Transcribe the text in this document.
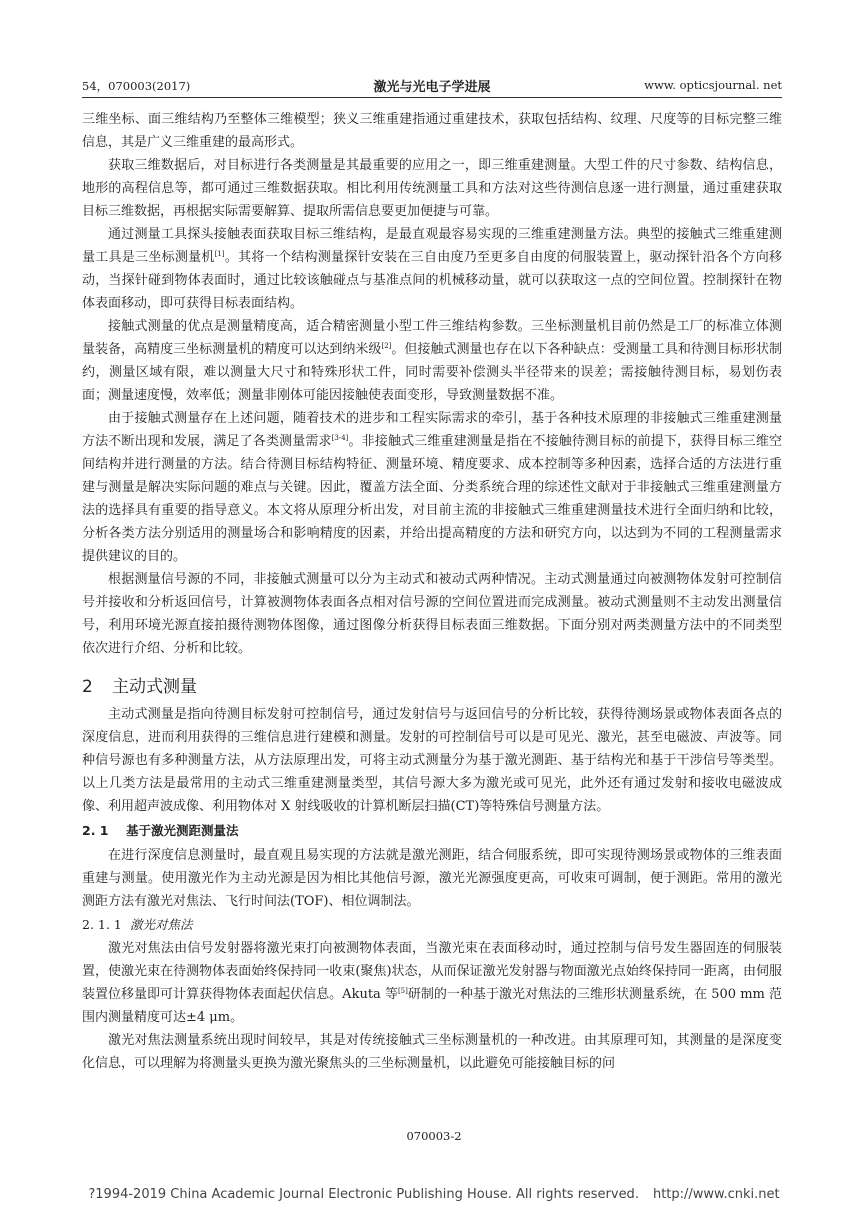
54，070003(2017)	激光与光电子学进展	www. opticsjournal. net

三维坐标、面三维结构乃至整体三维模型；狭义三维重建指通过重建技术，获取包括结构、纹理、尺度等的目标完整三维信息，其是广义三维重建的最高形式。

获取三维数据后，对目标进行各类测量是其最重要的应用之一，即三维重建测量。大型工件的尺寸参数、结构信息，地形的高程信息等，都可通过三维数据获取。相比利用传统测量工具和方法对这些待测信息逐一进行测量，通过重建获取目标三维数据，再根据实际需要解算、提取所需信息要更加便捷与可靠。

通过测量工具探头接触表面获取目标三维结构，是最直观最容易实现的三维重建测量方法。典型的接触式三维重建测量工具是三坐标测量机[1]。其将一个结构测量探针安装在三自由度乃至更多自由度的伺服装置上，驱动探针沿各个方向移动，当探针碰到物体表面时，通过比较该触碰点与基准点间的机械移动量，就可以获取这一点的空间位置。控制探针在物体表面移动，即可获得目标表面结构。

接触式测量的优点是测量精度高，适合精密测量小型工件三维结构参数。三坐标测量机目前仍然是工厂的标准立体测量装备，高精度三坐标测量机的精度可以达到纳米级[2]。但接触式测量也存在以下各种缺点：受测量工具和待测目标形状制约，测量区域有限，难以测量大尺寸和特殊形状工件，同时需要补偿测头半径带来的误差；需接触待测目标，易划伤表面；测量速度慢，效率低；测量非刚体可能因接触使表面变形，导致测量数据不准。

由于接触式测量存在上述问题，随着技术的进步和工程实际需求的牵引，基于各种技术原理的非接触式三维重建测量方法不断出现和发展，满足了各类测量需求[3-4]。非接触式三维重建测量是指在不接触待测目标的前提下，获得目标三维空间结构并进行测量的方法。结合待测目标结构特征、测量环境、精度要求、成本控制等多种因素，选择合适的方法进行重建与测量是解决实际问题的难点与关键。因此，覆盖方法全面、分类系统合理的综述性文献对于非接触式三维重建测量方法的选择具有重要的指导意义。本文将从原理分析出发，对目前主流的非接触式三维重建测量技术进行全面归纳和比较，分析各类方法分别适用的测量场合和影响精度的因素，并给出提高精度的方法和研究方向，以达到为不同的工程测量需求提供建议的目的。

根据测量信号源的不同，非接触式测量可以分为主动式和被动式两种情况。主动式测量通过向被测物体发射可控制信号并接收和分析返回信号，计算被测物体表面各点相对信号源的空间位置进而完成测量。被动式测量则不主动发出测量信号，利用环境光源直接拍摄待测物体图像，通过图像分析获得目标表面三维数据。下面分别对两类测量方法中的不同类型依次进行介绍、分析和比较。

2 主动式测量

主动式测量是指向待测目标发射可控制信号，通过发射信号与返回信号的分析比较，获得待测场景或物体表面各点的深度信息，进而利用获得的三维信息进行建模和测量。发射的可控制信号可以是可见光、激光，甚至电磁波、声波等。同种信号源也有多种测量方法，从方法原理出发，可将主动式测量分为基于激光测距、基于结构光和基于干涉信号等类型。以上几类方法是最常用的主动式三维重建测量类型，其信号源大多为激光或可见光，此外还有通过发射和接收电磁波成像、利用超声波成像、利用物体对 X 射线吸收的计算机断层扫描(CT)等特殊信号测量方法。

2. 1 基于激光测距测量法

在进行深度信息测量时，最直观且易实现的方法就是激光测距，结合伺服系统，即可实现待测场景或物体的三维表面重建与测量。使用激光作为主动光源是因为相比其他信号源，激光光源强度更高，可收束可调制，便于测距。常用的激光测距方法有激光对焦法、飞行时间法(TOF)、相位调制法。

2. 1. 1 激光对焦法

激光对焦法由信号发射器将激光束打向被测物体表面，当激光束在表面移动时，通过控制与信号发生器固连的伺服装置，使激光束在待测物体表面始终保持同一收束(聚焦)状态，从而保证激光发射器与物面激光点始终保持同一距离，由伺服装置位移量即可计算获得物体表面起伏信息。Akuta 等[5]研制的一种基于激光对焦法的三维形状测量系统，在 500 mm 范围内测量精度可达±4 μm。

激光对焦法测量系统出现时间较早，其是对传统接触式三坐标测量机的一种改进。由其原理可知，其测量的是深度变化信息，可以理解为将测量头更换为激光聚焦头的三坐标测量机，以此避免可能接触目标的问

070003-2
?1994-2019 China Academic Journal Electronic Publishing House. All rights reserved. http://www.cnki.net
